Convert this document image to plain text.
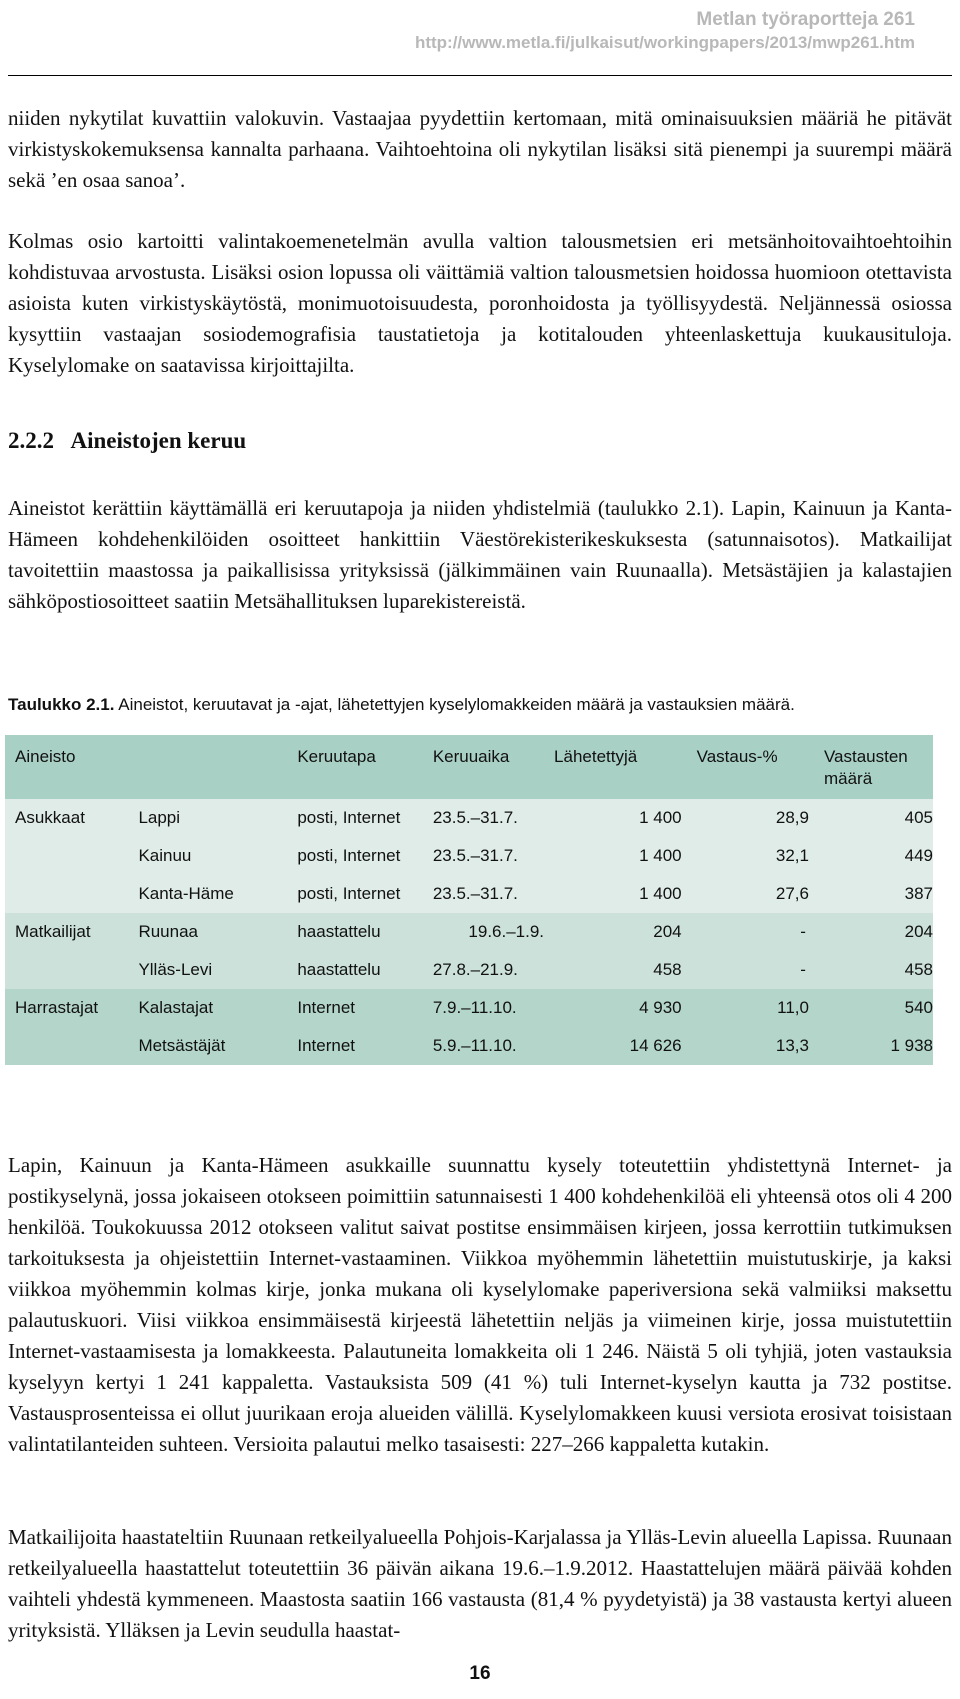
Metlan työraportteja 261
http://www.metla.fi/julkaisut/workingpapers/2013/mwp261.htm

niiden nykytilat kuvattiin valokuvin. Vastaajaa pyydettiin kertomaan, mitä ominaisuuksien määriä he pitävät virkistyskokemuksensa kannalta parhaana. Vaihtoehtoina oli nykytilan lisäksi sitä pienempi ja suurempi määrä sekä ’en osaa sanoa’.

Kolmas osio kartoitti valintakoemenetelmän avulla valtion talousmetsien eri metsänhoitovaihtoehtoihin kohdistuvaa arvostusta. Lisäksi osion lopussa oli väittämiä valtion talousmetsien hoidossa huomioon otettavista asioista kuten virkistyskäytöstä, monimuotoisuudesta, poronhoidosta ja työllisyydestä. Neljännessä osiossa kysyttiin vastaajan sosiodemografisia taustatietoja ja kotitalouden yhteenlaskettuja kuukausituloja. Kyselylomake on saatavissa kirjoittajilta.

2.2.2 Aineistojen keruu

Aineistot kerättiin käyttämällä eri keruutapoja ja niiden yhdistelmiä (taulukko 2.1). Lapin, Kainuun ja Kanta-Hämeen kohdehenkilöiden osoitteet hankittiin Väestörekisterikeskuksesta (satunnaisotos). Matkailijat tavoitettiin maastossa ja paikallisissa yrityksissä (jälkimmäinen vain Ruunaalla). Metsästäjien ja kalastajien sähköpostiosoitteet saatiin Metsähallituksen luparekistereistä.

Taulukko 2.1. Aineistot, keruutavat ja -ajat, lähetettyjen kyselylomakkeiden määrä ja vastauksien määrä.

Aineisto		Keruutapa	Keruuaika	Lähetettyjä	Vastaus-%	Vastausten määrä
Asukkaat	Lappi	posti, Internet	23.5.–31.7.	1 400	28,9	405
	Kainuu	posti, Internet	23.5.–31.7.	1 400	32,1	449
	Kanta-Häme	posti, Internet	23.5.–31.7.	1 400	27,6	387
Matkailijat	Ruunaa	haastattelu	19.6.–1.9.	204	-	204
	Ylläs-Levi	haastattelu	27.8.–21.9.	458	-	458
Harrastajat	Kalastajat	Internet	7.9.–11.10.	4 930	11,0	540
	Metsästäjät	Internet	5.9.–11.10.	14 626	13,3	1 938

Lapin, Kainuun ja Kanta-Hämeen asukkaille suunnattu kysely toteutettiin yhdistettynä Internet- ja postikyselynä, jossa jokaiseen otokseen poimittiin satunnaisesti 1 400 kohdehenkilöä eli yhteensä otos oli 4 200 henkilöä. Toukokuussa 2012 otokseen valitut saivat postitse ensimmäisen kirjeen, jossa kerrottiin tutkimuksen tarkoituksesta ja ohjeistettiin Internet-vastaaminen. Viikkoa myöhemmin lähetettiin muistutuskirje, ja kaksi viikkoa myöhemmin kolmas kirje, jonka mukana oli kyselylomake paperiversiona sekä valmiiksi maksettu palautuskuori. Viisi viikkoa ensimmäisestä kirjeestä lähetettiin neljäs ja viimeinen kirje, jossa muistutettiin Internet-vastaamisesta ja lomakkeesta. Palautuneita lomakkeita oli 1 246. Näistä 5 oli tyhjiä, joten vastauksia kyselyyn kertyi 1 241 kappaletta. Vastauksista 509 (41 %) tuli Internet-kyselyn kautta ja 732 postitse. Vastausprosenteissa ei ollut juurikaan eroja alueiden välillä. Kyselylomakkeen kuusi versiota erosivat toisistaan valintatilanteiden suhteen. Versioita palautui melko tasaisesti: 227–266 kappaletta kutakin.

Matkailijoita haastateltiin Ruunaan retkeilyalueella Pohjois-Karjalassa ja Ylläs-Levin alueella Lapissa. Ruunaan retkeilyalueella haastattelut toteutettiin 36 päivän aikana 19.6.–1.9.2012. Haastattelujen määrä päivää kohden vaihteli yhdestä kymmeneen. Maastosta saatiin 166 vastausta (81,4 % pyydetyistä) ja 38 vastausta kertyi alueen yrityksistä. Ylläksen ja Levin seudulla haastat-

16
